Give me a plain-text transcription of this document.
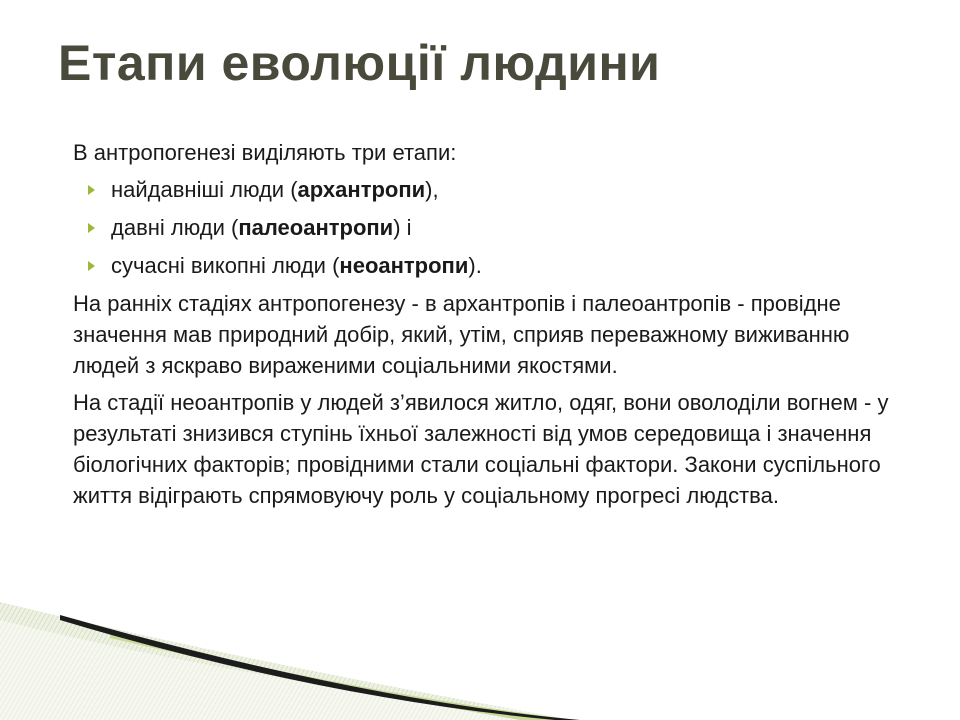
Етапи еволюції людини

В антропогенезі виділяють три етапи:

найдавніші люди (архантропи),
давні люди (палеоантропи) і
сучасні викопні люди (неоантропи).

На ранніх стадіях антропогенезу - в архантропів і палеоантропів - провідне значення мав природний добір, який, утім, сприяв переважному виживанню людей з яскраво вираженими соціальними якостями.

На стадії неоантропів у людей з’явилося житло, одяг, вони оволоділи вогнем - у результаті знизився ступінь їхньої залежності від умов середовища і значення біологічних факторів; провідними стали соціальні фактори. Закони суспільного життя відіграють спрямовуючу роль у соціальному прогресі людства.
